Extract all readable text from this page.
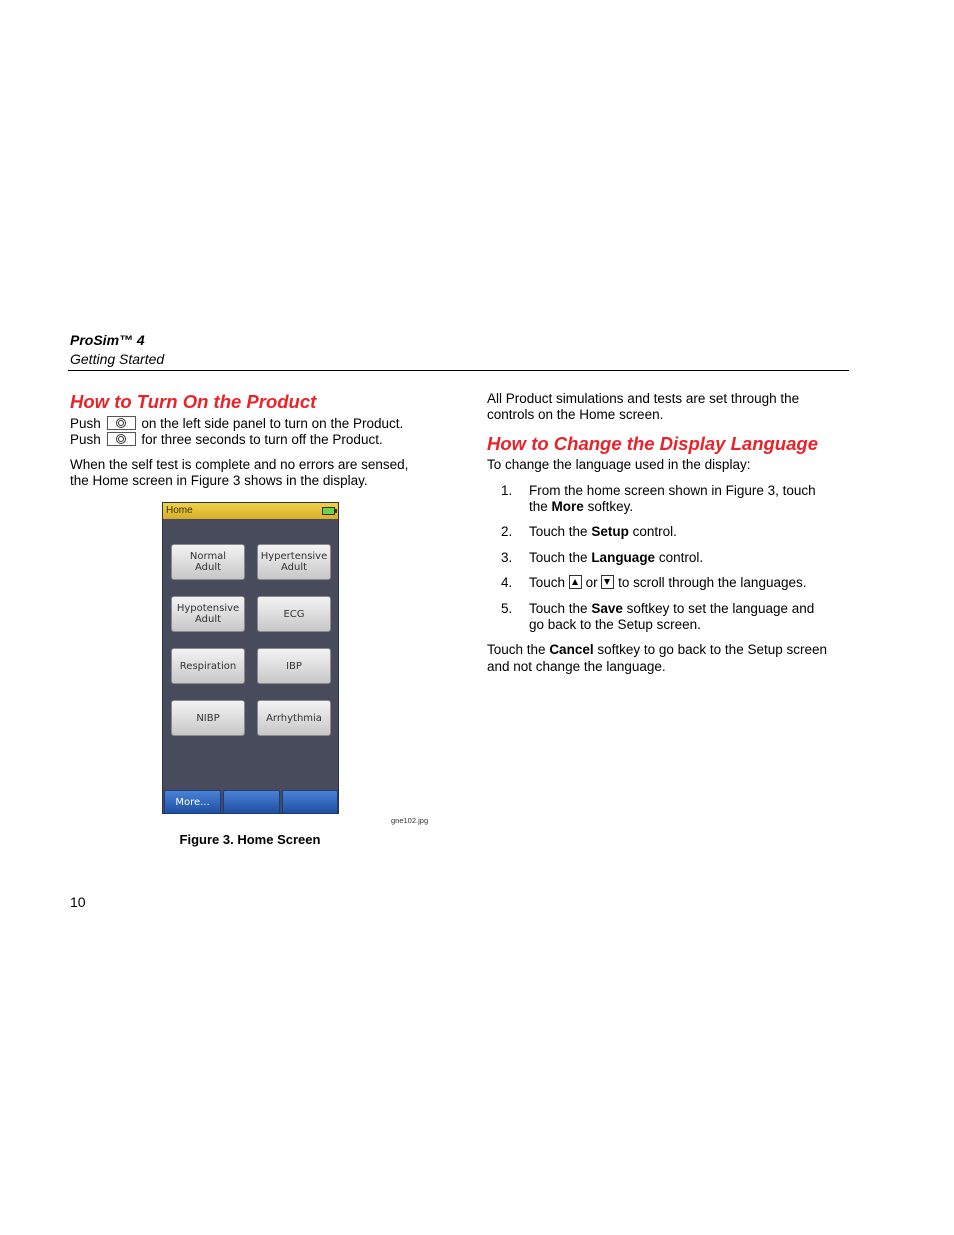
ProSim™ 4
Getting Started
How to Turn On the Product
Push	on the left side panel to turn on the Product.
Push	for three seconds to turn off the Product.
When the self test is complete and no errors are sensed,
the Home screen in Figure 3 shows in the display.
Home
Normal
Adult
Hypertensive
Adult
Hypotensive
Adult	ECG
Respiration	IBP
NIBP	Arrhythmia
More...
gne102.jpg
Figure 3. Home Screen
10
All Product simulations and tests are set through the
controls on the Home screen.
How to Change the Display Language
To change the language used in the display:
1. From the home screen shown in Figure 3, touch
the More softkey.
2. Touch the Setup control.
3. Touch the Language control.
4. Touch or to scroll through the languages.
5. Touch the Save softkey to set the language and
go back to the Setup screen.
Touch the Cancel softkey to go back to the Setup screen
and not change the language.
